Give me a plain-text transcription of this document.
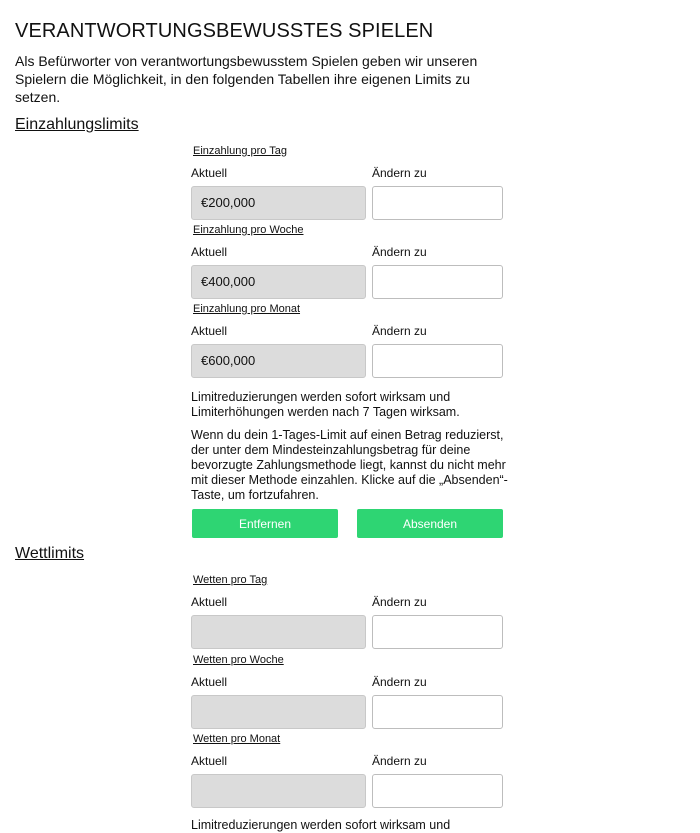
VERANTWORTUNGSBEWUSSTES SPIELEN
Als Befürworter von verantwortungsbewusstem Spielen geben wir unseren Spielern die Möglichkeit, in den folgenden Tabellen ihre eigenen Limits zu setzen.
Einzahlungslimits
Einzahlung pro Tag
Aktuell	Ändern zu
€200,000
Einzahlung pro Woche
Aktuell	Ändern zu
€400,000
Einzahlung pro Monat
Aktuell	Ändern zu
€600,000
Limitreduzierungen werden sofort wirksam und Limiterhöhungen werden nach 7 Tagen wirksam.
Wenn du dein 1-Tages-Limit auf einen Betrag reduzierst, der unter dem Mindesteinzahlungsbetrag für deine bevorzugte Zahlungsmethode liegt, kannst du nicht mehr mit dieser Methode einzahlen. Klicke auf die „Absenden“-Taste, um fortzufahren.
Entfernen	Absenden
Wettlimits
Wetten pro Tag
Aktuell	Ändern zu
Wetten pro Woche
Aktuell	Ändern zu
Wetten pro Monat
Aktuell	Ändern zu
Limitreduzierungen werden sofort wirksam und
